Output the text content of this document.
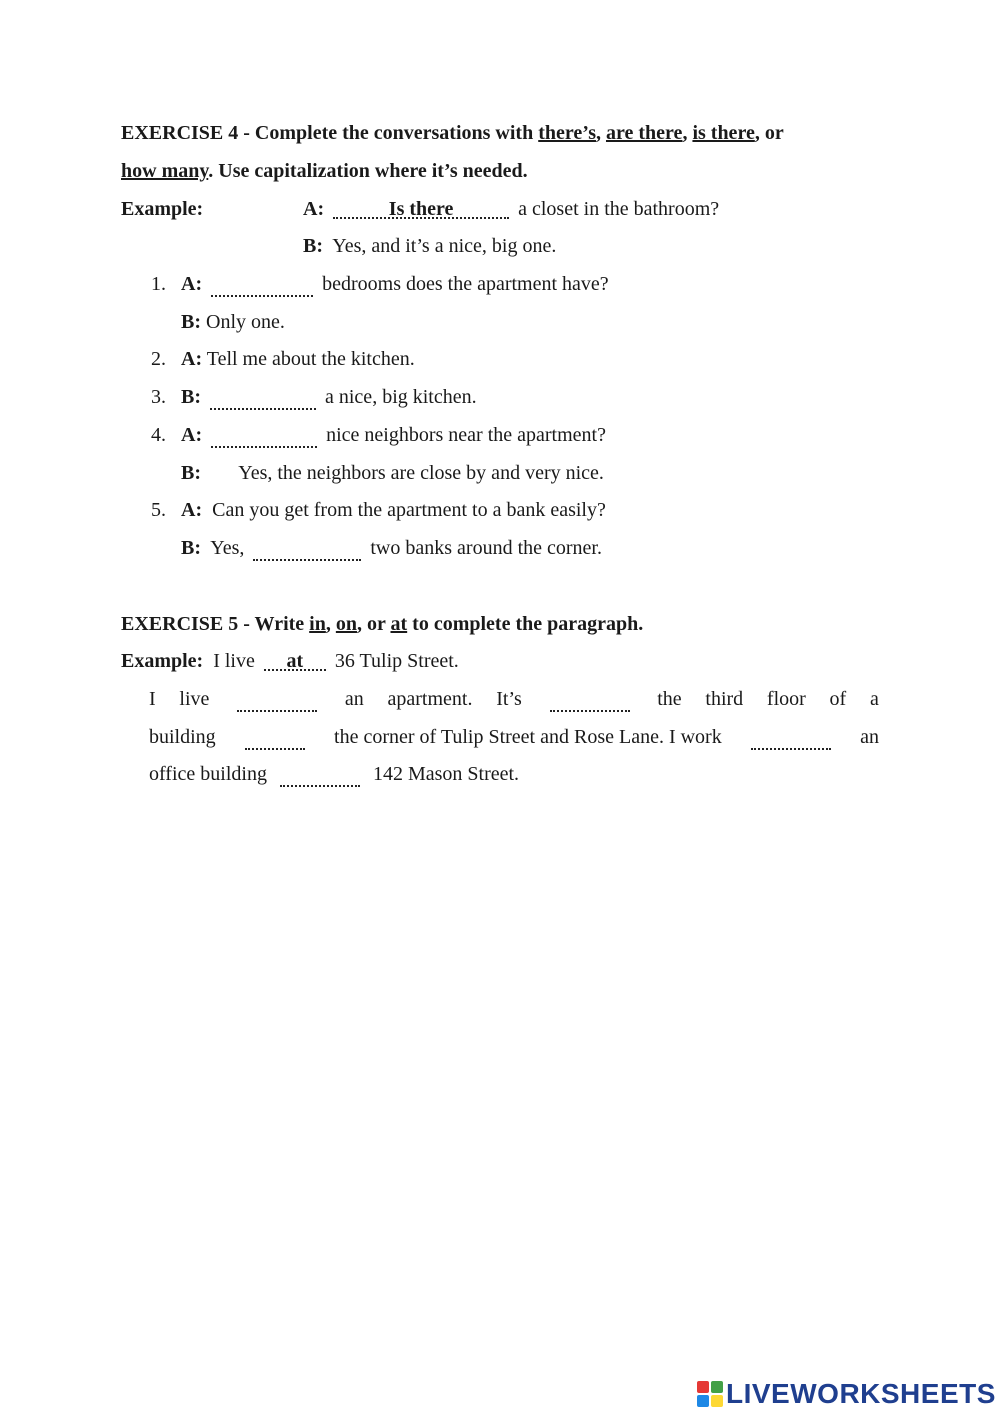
EXERCISE 4 - Complete the conversations with there’s, are there, is there, or
how many. Use capitalization where it’s needed.
Example:	A:	Is there	a closet in the bathroom?
B: Yes, and it’s a nice, big one.
1. A:	bedrooms does the apartment have?
B: Only one.
2. A: Tell me about the kitchen.
3. B:	a nice, big kitchen.
4. A:	nice neighbors near the apartment?
B: Yes, the neighbors are close by and very nice.
5. A: Can you get from the apartment to a bank easily?
B: Yes,	two banks around the corner.
EXERCISE 5 - Write in, on, or at to complete the paragraph.
Example: I live at 36 Tulip Street.
I live	an apartment. It’s	the third floor of a
building	the corner of Tulip Street and Rose Lane. I work	an
office building	142 Mason Street.
LIVEWORKSHEETS
